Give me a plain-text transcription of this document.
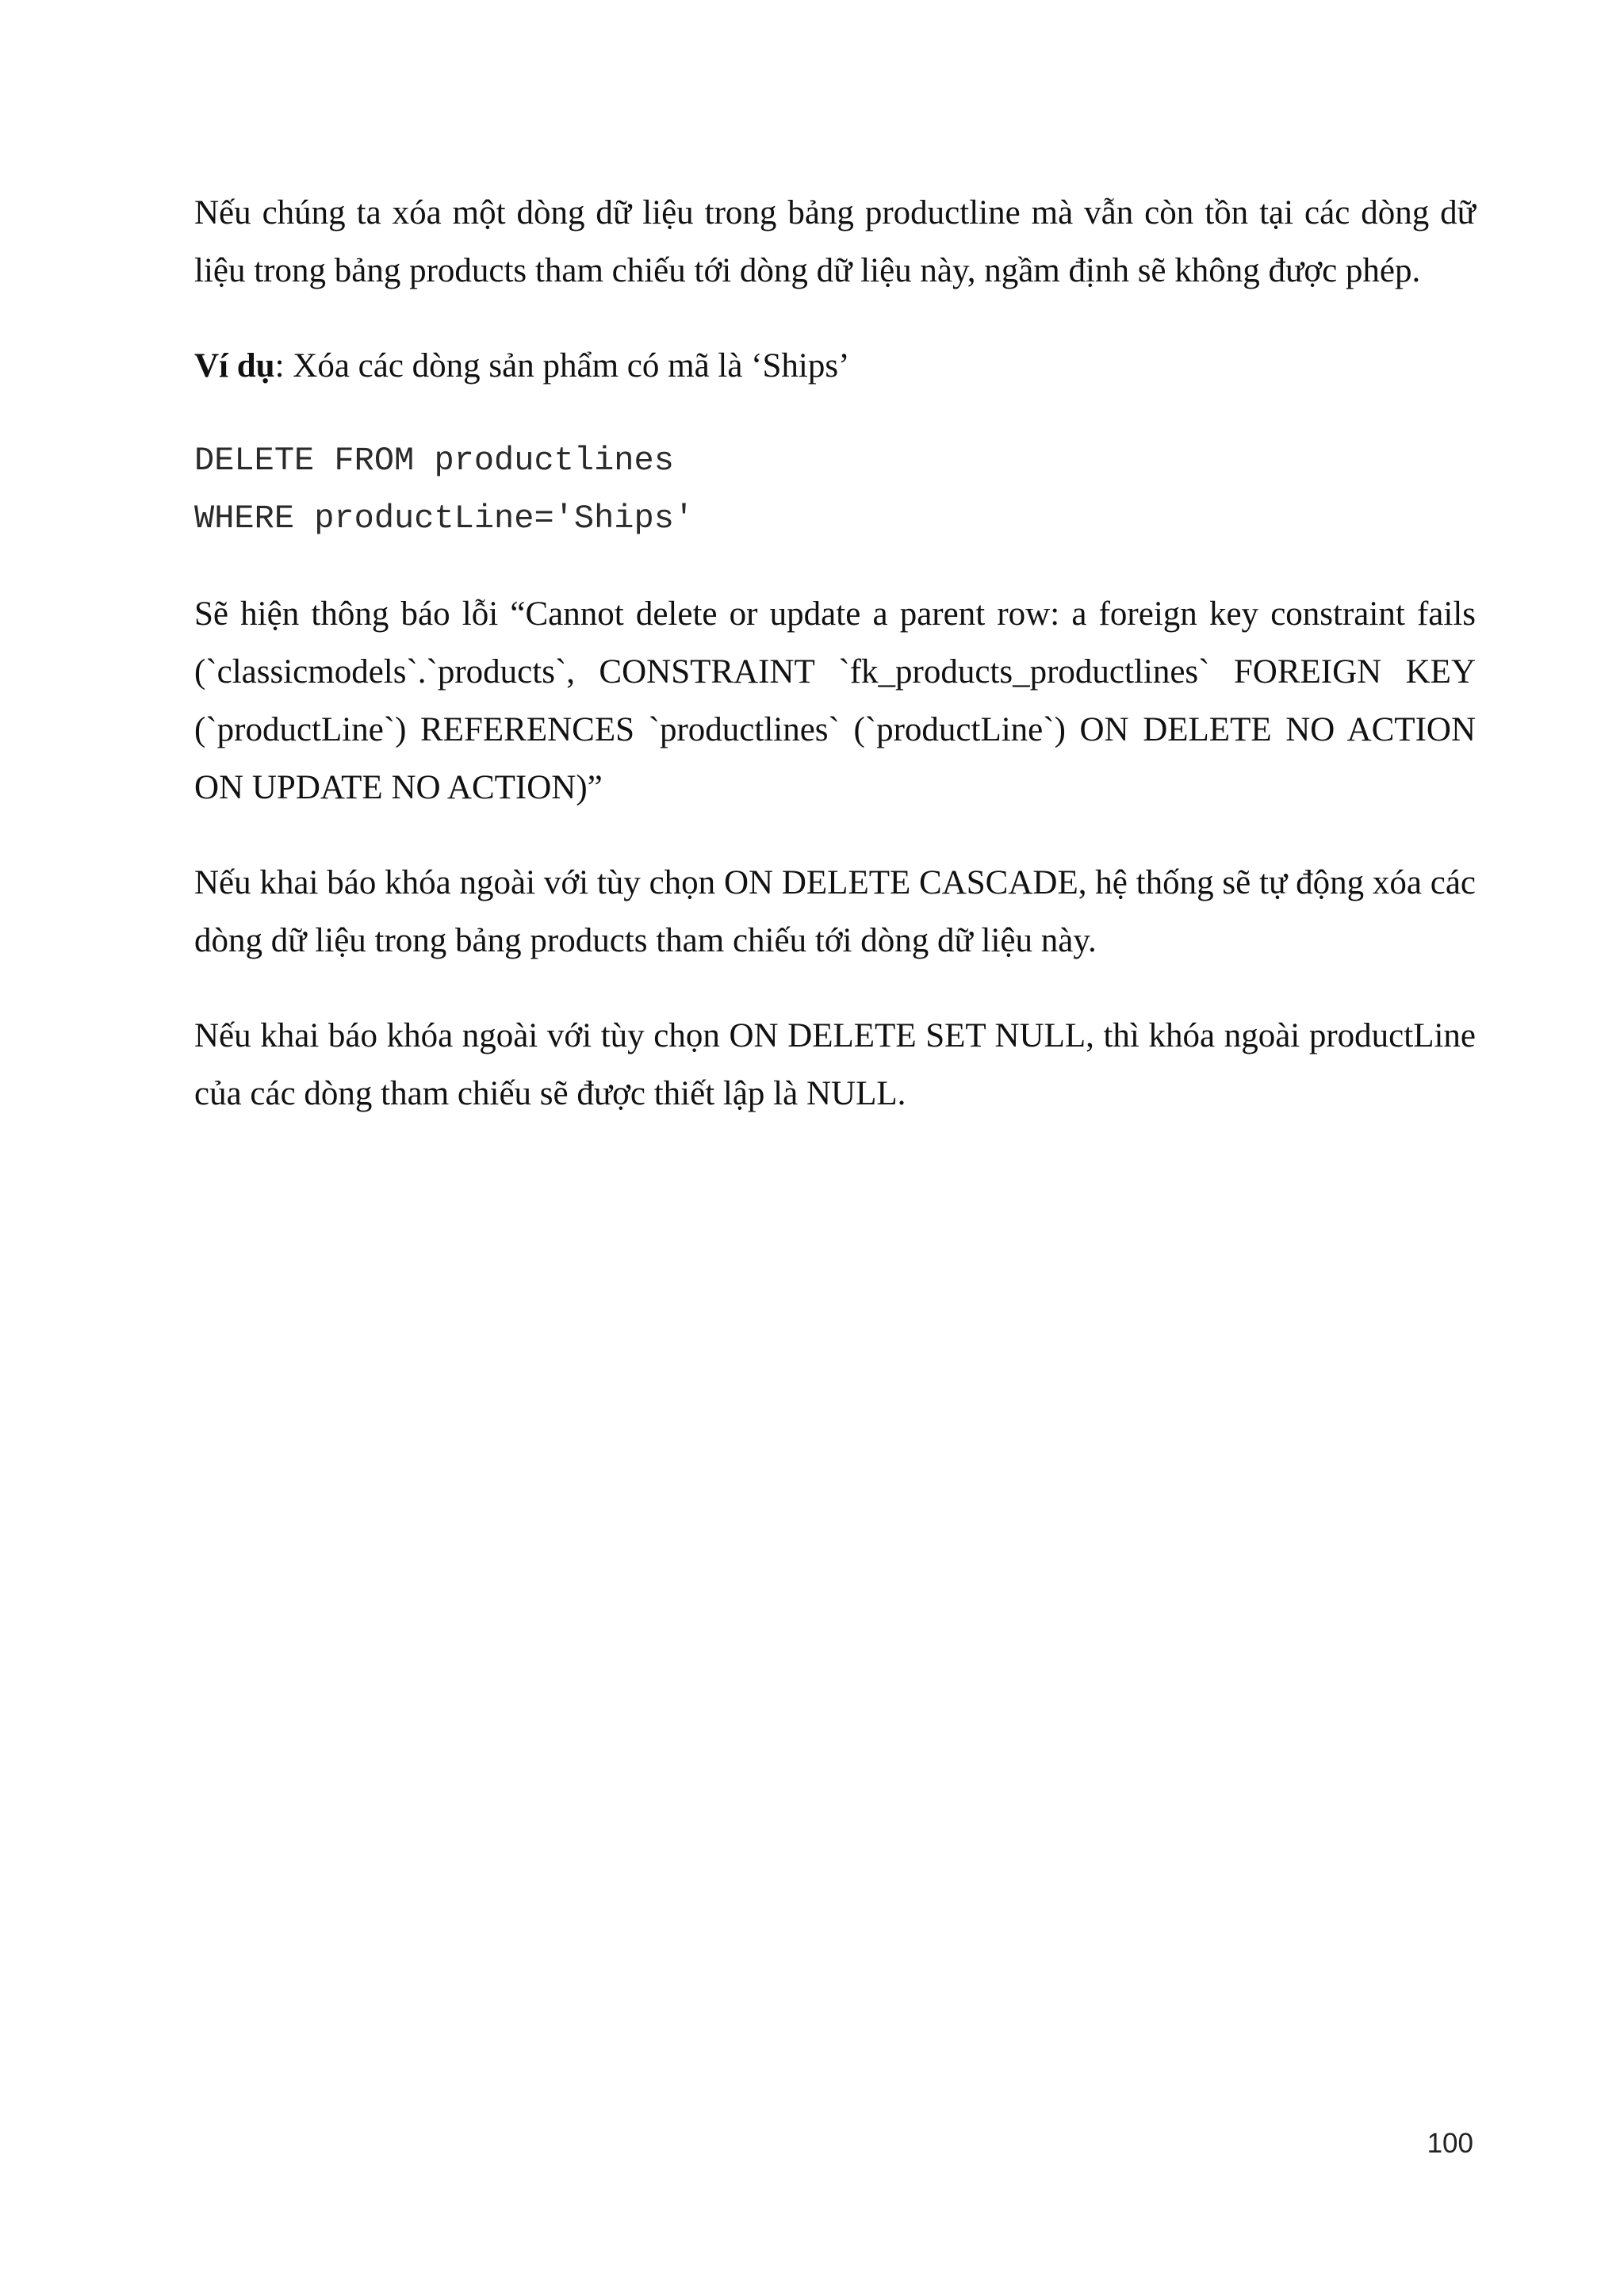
Nếu chúng ta xóa một dòng dữ liệu trong bảng productline mà vẫn còn tồn tại các dòng dữ liệu trong bảng products tham chiếu tới dòng dữ liệu này, ngầm định sẽ không được phép.

Ví dụ: Xóa các dòng sản phẩm có mã là ‘Ships’

DELETE FROM productlines
WHERE productLine='Ships'

Sẽ hiện thông báo lỗi “Cannot delete or update a parent row: a foreign key constraint fails (`classicmodels`.`products`, CONSTRAINT `fk_products_productlines` FOREIGN KEY (`productLine`) REFERENCES `productlines` (`productLine`) ON DELETE NO ACTION ON UPDATE NO ACTION)”

Nếu khai báo khóa ngoài với tùy chọn ON DELETE CASCADE, hệ thống sẽ tự động xóa các dòng dữ liệu trong bảng products tham chiếu tới dòng dữ liệu này.

Nếu khai báo khóa ngoài với tùy chọn ON DELETE SET NULL, thì khóa ngoài productLine của các dòng tham chiếu sẽ được thiết lập là NULL.

100
